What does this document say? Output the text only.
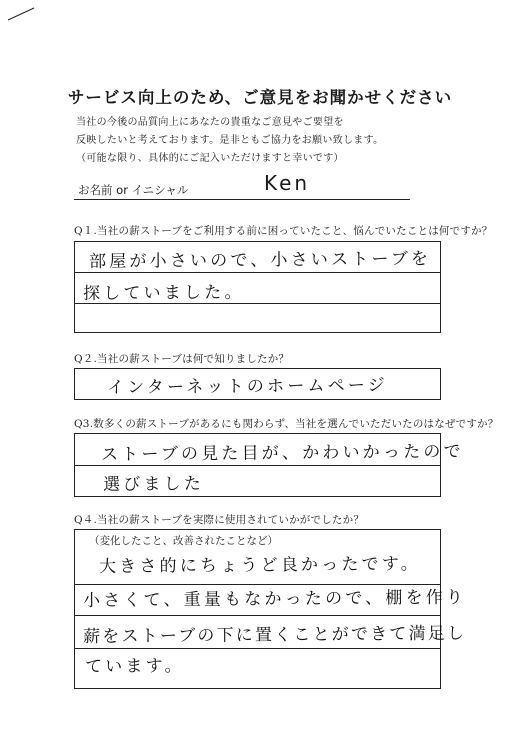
サービス向上のため、ご意見をお聞かせください
当社の今後の品質向上にあなたの貴重なご意見やご要望を
反映したいと考えております。是非ともご協力をお願い致します。
（可能な限り、具体的にご記入いただけますと幸いです）
お名前 or イニシャル	Ken
Q１.当社の薪ストーブをご利用する前に困っていたこと、悩んでいたことは何ですか？
部屋が小さいので、小さいストーブを
探していました。
Q２.当社の薪ストーブは何で知りましたか？
インターネットのホームページ
Q3.数多くの薪ストーブがあるにも関わらず、当社を選んでいただいたのはなぜですか？
ストーブの見た目が、かわいかったので
選びました
Q４.当社の薪ストーブを実際に使用されていかがでしたか？
（変化したこと、改善されたことなど）
大きさ的にちょうど良かったです。
小さくて、重量もなかったので、棚を作り
薪をストーブの下に置くことができて満足し
ています。
